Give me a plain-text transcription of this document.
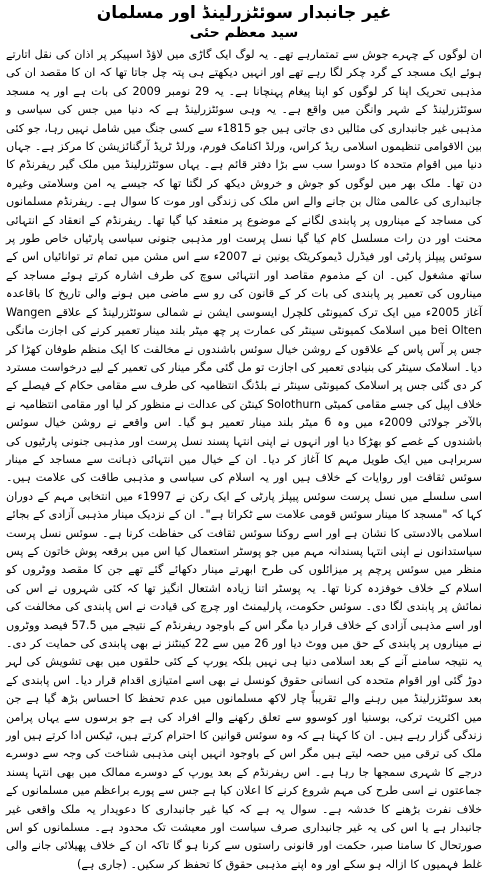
غیر جانبدار سوئٹزرلینڈ اور مسلمان
سید معظم حئی

ان لوگوں کے چہرے جوش سے تمتمارہے تھے۔ یہ لوگ ایک گاڑی میں لاؤڈ اسپیکر پر اذان کی نقل اتارتے ہوئے ایک مسجد کے گرد چکر لگا رہے تھے اور انہیں دیکھتے ہی پتہ چل جاتا تھا کہ ان کا مقصد ان کی مذہبی تحریک اپنا کر لوگوں کو اپنا پیغام پہنچانا ہے۔ یہ 29 نومبر 2009 کی بات ہے اور یہ مسجد سوئٹزرلینڈ کے شہر وانگن میں واقع ہے۔ یہ وہی سوئٹزرلینڈ ہے کہ دنیا میں جس کی سیاسی و مذہبی غیر جانبداری کی مثالیں دی جاتی ہیں جو 1815ء سے کسی جنگ میں شامل نہیں رہا، جو کئی بین الاقوامی تنظیموں اسلامی ریڈ کراس، ورلڈ اکنامک فورم، ورلڈ ٹریڈ آرگنائزیشن کا مرکز ہے۔ جہاں دنیا میں اقوام متحدہ کا دوسرا سب سے بڑا دفتر قائم ہے۔ یہاں سوئٹزرلینڈ میں ملک گیر ریفرنڈم کا دن تھا۔ ملک بھر میں لوگوں کو جوش و خروش دیکھ کر لگتا تھا کہ جیسے یہ امن وسلامتی وغیرہ جانبداری کی عالمی مثال بن جانے والے اس ملک کی زندگی اور موت کا سوال ہے۔ ریفرنڈم مسلمانوں کی مساجد کے میناروں پر پابندی لگانے کے موضوع پر منعقد کیا گیا تھا۔ ریفرنڈم کے انعقاد کے انتہائی محنت اور دن رات مسلسل کام کیا گیا نسل پرست اور مذہبی جنونی سیاسی پارٹیاں خاص طور پر سوئس پیپلز پارٹی اور فیڈرل ڈیموکریٹک یونین نے 2007ء سے اس مشن میں تمام تر توانائیاں اس کے ساتھ مشغول کیں۔ ان کے مذموم مقاصد اور انتہائی سوچ کی طرف اشارہ کرتے ہوئے مساجد کے میناروں کی تعمیر پر پابندی کی بات کر کے قانون کی رو سے ماضی میں ہونے والی تاریخ کا باقاعدہ آغاز 2005ء میں ایک ترک کمیونٹی کلچرل ایسوسی ایشن نے شمالی سوئٹزرلینڈ کے علاقے Wangen bei Olten میں اسلامک کمیونٹی سینٹر کی عمارت پر چھ میٹر بلند مینار تعمیر کرنے کی اجازت مانگی جس پر آس پاس کے علاقوں کے روشن خیال سوئس باشندوں نے مخالفت کا ایک منظم طوفان کھڑا کر دیا۔ اسلامک سینٹر کی بنیادی تعمیر کی اجازت تو مل گئی مگر مینار کی تعمیر کے لیے درخواست مسترد کر دی گئی جس پر اسلامک کمیونٹی سینٹر نے بلڈنگ انتظامیہ کی طرف سے مقامی حکام کے فیصلے کے خلاف اپیل کی جسے مقامی کمیٹی Solothurn کینٹن کی عدالت نے منظور کر لیا اور مقامی انتظامیہ نے بالآخر جولائی 2009ء میں وہ 6 میٹر بلند مینار تعمیر ہو گیا۔ اس واقعے نے روشن خیال سوئس باشندوں کے غصے کو بھڑکا دیا اور انہوں نے اپنی انتہا پسند نسل پرست اور مذہبی جنونی پارٹیوں کی سربراہی میں ایک طویل مہم کا آغاز کر دیا۔ ان کے خیال میں انتہائی ذہانت سے مساجد کے مینار سوئس ثقافت اور روایات کے خلاف ہیں اور یہ اسلام کی سیاسی و مذہبی طاقت کی علامت ہیں۔ اسی سلسلے میں نسل پرست سوئس پیپلز پارٹی کے ایک رکن نے 1997ء میں انتخابی مہم کے دوران کہا کہ "مسجد کا مینار سوئس قومی علامت سے ٹکراتا ہے"۔ ان کے نزدیک مینار مذہبی آزادی کے بجائے اسلامی بالادستی کا نشان ہے اور اسے روکنا سوئس ثقافت کی حفاظت کرنا ہے۔ سوئس نسل پرست سیاستدانوں نے اپنی انتہا پسندانہ مہم میں جو پوسٹر استعمال کیا اس میں برقعہ پوش خاتون کے پس منظر میں سوئس پرچم پر میزائلوں کی طرح ابھرتے مینار دکھائے گئے تھے جن کا مقصد ووٹروں کو اسلام کے خلاف خوفزدہ کرنا تھا۔ یہ پوسٹر اتنا زیادہ اشتعال انگیز تھا کہ کئی شہروں نے اس کی نمائش پر پابندی لگا دی۔ سوئس حکومت، پارلیمنٹ اور چرچ کی قیادت نے اس پابندی کی مخالفت کی اور اسے مذہبی آزادی کے خلاف قرار دیا مگر اس کے باوجود ریفرنڈم کے نتیجے میں 57.5 فیصد ووٹروں نے میناروں پر پابندی کے حق میں ووٹ دیا اور 26 میں سے 22 کینٹنز نے بھی پابندی کی حمایت کر دی۔ یہ نتیجہ سامنے آنے کے بعد اسلامی دنیا ہی نہیں بلکہ یورپ کے کئی حلقوں میں بھی تشویش کی لہر دوڑ گئی اور اقوام متحدہ کی انسانی حقوق کونسل نے بھی اسے امتیازی اقدام قرار دیا۔ اس پابندی کے بعد سوئٹزرلینڈ میں رہنے والے تقریباً چار لاکھ مسلمانوں میں عدم تحفظ کا احساس بڑھ گیا ہے جن میں اکثریت ترکی، بوسنیا اور کوسوو سے تعلق رکھنے والے افراد کی ہے جو برسوں سے یہاں پرامن زندگی گزار رہے ہیں۔ ان کا کہنا ہے کہ وہ سوئس قوانین کا احترام کرتے ہیں، ٹیکس ادا کرتے ہیں اور ملک کی ترقی میں حصہ لیتے ہیں مگر اس کے باوجود انہیں اپنی مذہبی شناخت کی وجہ سے دوسرے درجے کا شہری سمجھا جا رہا ہے۔ اس ریفرنڈم کے بعد یورپ کے دوسرے ممالک میں بھی انتہا پسند جماعتوں نے اسی طرح کی مہم شروع کرنے کا اعلان کیا ہے جس سے پورے براعظم میں مسلمانوں کے خلاف نفرت بڑھنے کا خدشہ ہے۔ سوال یہ ہے کہ کیا غیر جانبداری کا دعویدار یہ ملک واقعی غیر جانبدار ہے یا اس کی یہ غیر جانبداری صرف سیاست اور معیشت تک محدود ہے۔ مسلمانوں کو اس صورتحال کا سامنا صبر، حکمت اور قانونی راستوں سے کرنا ہو گا تاکہ ان کے خلاف پھیلائی جانے والی غلط فہمیوں کا ازالہ ہو سکے اور وہ اپنے مذہبی حقوق کا تحفظ کر سکیں۔ (جاری ہے)
